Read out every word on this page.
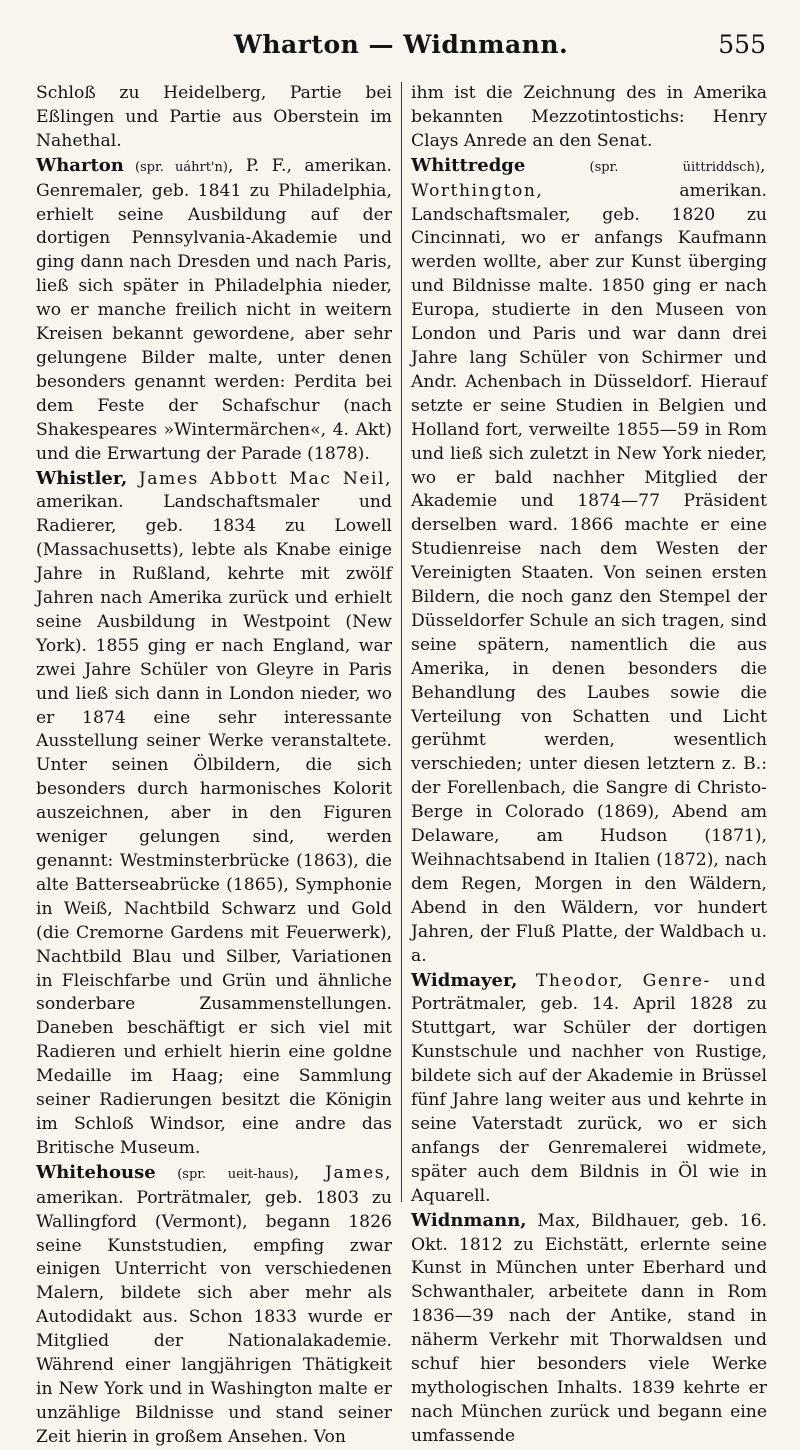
Wharton — Widnmann.	555

Schloß zu Heidelberg, Partie bei Eßlingen und Partie aus Oberstein im Nahethal.

Wharton (spr. uáhrt'n), P. F., amerikan. Genremaler, geb. 1841 zu Philadelphia, erhielt seine Ausbildung auf der dortigen Pennsylvania-Akademie und ging dann nach Dresden und nach Paris, ließ sich später in Philadelphia nieder, wo er manche freilich nicht in weitern Kreisen bekannt gewordene, aber sehr gelungene Bilder malte, unter denen besonders genannt werden: Perdita bei dem Feste der Schafschur (nach Shakespeares »Wintermärchen«, 4. Akt) und die Erwartung der Parade (1878).

Whistler, James Abbott Mac Neil, amerikan. Landschaftsmaler und Radierer, geb. 1834 zu Lowell (Massachusetts), lebte als Knabe einige Jahre in Rußland, kehrte mit zwölf Jahren nach Amerika zurück und erhielt seine Ausbildung in Westpoint (New York). 1855 ging er nach England, war zwei Jahre Schüler von Gleyre in Paris und ließ sich dann in London nieder, wo er 1874 eine sehr interessante Ausstellung seiner Werke veranstaltete. Unter seinen Ölbildern, die sich besonders durch harmonisches Kolorit auszeichnen, aber in den Figuren weniger gelungen sind, werden genannt: Westminsterbrücke (1863), die alte Batterseabrücke (1865), Symphonie in Weiß, Nachtbild Schwarz und Gold (die Cremorne Gardens mit Feuerwerk), Nachtbild Blau und Silber, Variationen in Fleischfarbe und Grün und ähnliche sonderbare Zusammenstellungen. Daneben beschäftigt er sich viel mit Radieren und erhielt hierin eine goldne Medaille im Haag; eine Sammlung seiner Radierungen besitzt die Königin im Schloß Windsor, eine andre das Britische Museum.

Whitehouse (spr. ueit-haus), James, amerikan. Porträtmaler, geb. 1803 zu Wallingford (Vermont), begann 1826 seine Kunststudien, empfing zwar einigen Unterricht von verschiedenen Malern, bildete sich aber mehr als Autodidakt aus. Schon 1833 wurde er Mitglied der Nationalakademie. Während einer langjährigen Thätigkeit in New York und in Washington malte er unzählige Bildnisse und stand seiner Zeit hierin in großem Ansehen. Von

ihm ist die Zeichnung des in Amerika bekannten Mezzotintostichs: Henry Clays Anrede an den Senat.

Whittredge (spr. üittriddsch), Worthington,	amerikan. Landschaftsmaler, geb. 1820 zu Cincinnati, wo er anfangs Kaufmann werden wollte, aber zur Kunst überging und Bildnisse malte. 1850 ging er nach Europa, studierte in den Museen von London und Paris und war dann drei Jahre lang Schüler von Schirmer und Andr. Achenbach in Düsseldorf. Hierauf setzte er seine Studien in Belgien und Holland fort, verweilte 1855—59 in Rom und ließ sich zuletzt in New York nieder, wo er bald nachher Mitglied der Akademie und 1874—77 Präsident derselben ward. 1866 machte er eine Studienreise nach dem Westen der Vereinigten Staaten. Von seinen ersten Bildern, die noch ganz den Stempel der Düsseldorfer Schule an sich tragen, sind seine spätern, namentlich die aus Amerika, in denen besonders die Behandlung des Laubes sowie die Verteilung von Schatten und Licht gerühmt werden, wesentlich verschieden; unter diesen letztern z. B.: der Forellenbach, die Sangre di Christo-Berge in Colorado (1869), Abend am Delaware, am Hudson (1871), Weihnachtsabend in Italien (1872), nach dem Regen, Morgen in den Wäldern, Abend in den Wäldern, vor hundert Jahren, der Fluß Platte, der Waldbach u. a.

Widmayer, Theodor, Genre- und Porträtmaler, geb. 14. April 1828 zu Stuttgart, war Schüler der dortigen Kunstschule und nachher von Rustige, bildete sich auf der Akademie in Brüssel fünf Jahre lang weiter aus und kehrte in seine Vaterstadt zurück, wo er sich anfangs der Genremalerei widmete, später auch dem Bildnis in Öl wie in Aquarell.

Widnmann, Max, Bildhauer, geb. 16. Okt. 1812 zu Eichstätt, erlernte seine Kunst in München unter Eberhard und Schwanthaler, arbeitete dann in Rom 1836—39 nach der Antike, stand in näherm Verkehr mit Thorwaldsen und schuf hier besonders viele Werke mythologischen Inhalts. 1839 kehrte er nach München zurück und begann eine umfassende
